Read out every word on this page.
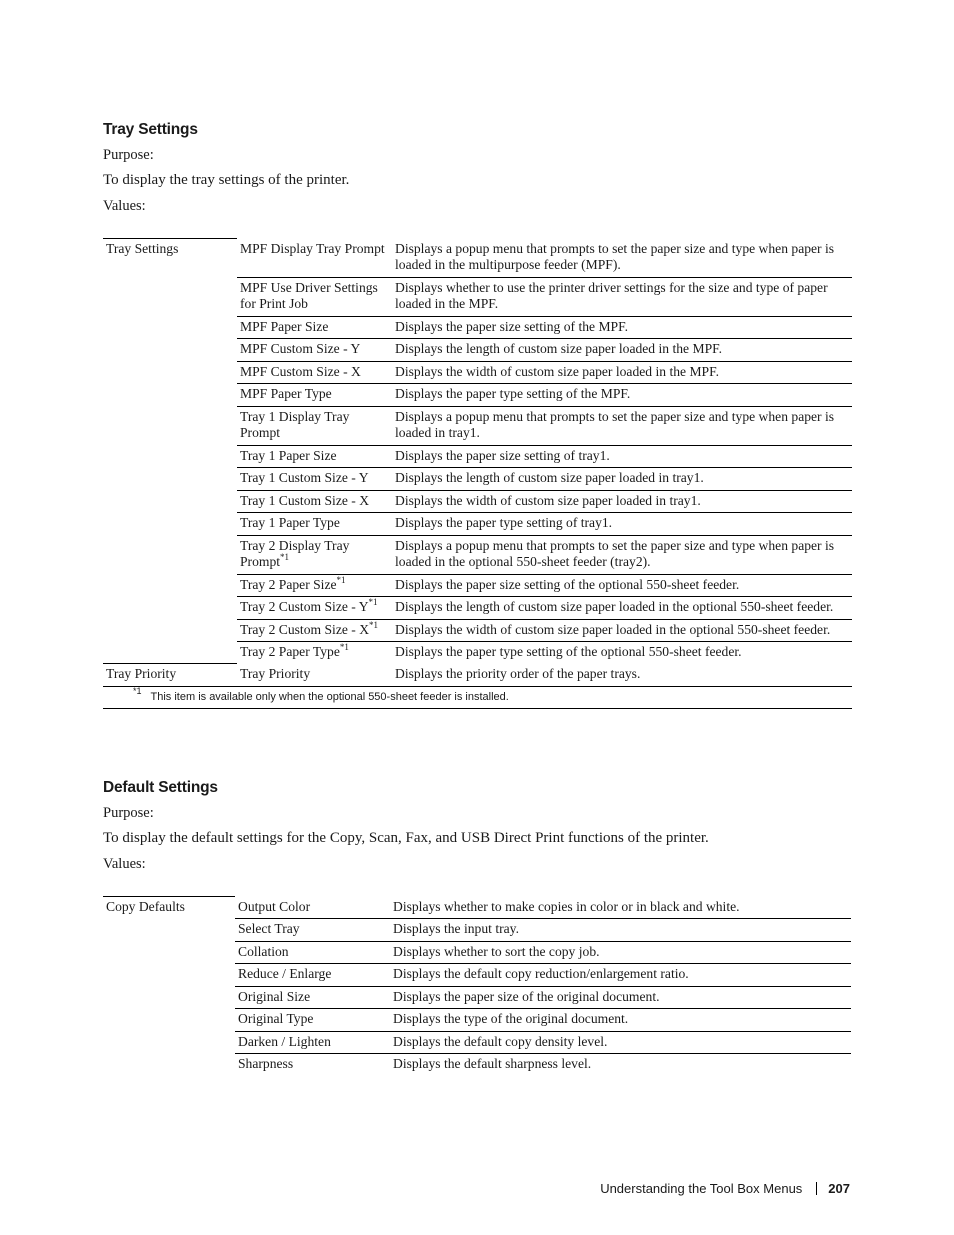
Tray Settings
Purpose:
To display the tray settings of the printer.
Values:
Tray Settings	MPF Display Tray Prompt	Displays a popup menu that prompts to set the paper size and type when paper is loaded in the multipurpose feeder (MPF).
	MPF Use Driver Settings for Print Job	Displays whether to use the printer driver settings for the size and type of paper loaded in the MPF.
	MPF Paper Size	Displays the paper size setting of the MPF.
	MPF Custom Size - Y	Displays the length of custom size paper loaded in the MPF.
	MPF Custom Size - X	Displays the width of custom size paper loaded in the MPF.
	MPF Paper Type	Displays the paper type setting of the MPF.
	Tray 1 Display Tray Prompt	Displays a popup menu that prompts to set the paper size and type when paper is loaded in tray1.
	Tray 1 Paper Size	Displays the paper size setting of tray1.
	Tray 1 Custom Size - Y	Displays the length of custom size paper loaded in tray1.
	Tray 1 Custom Size - X	Displays the width of custom size paper loaded in tray1.
	Tray 1 Paper Type	Displays the paper type setting of tray1.
	Tray 2 Display Tray Prompt$^{*1}$	Displays a popup menu that prompts to set the paper size and type when paper is loaded in the optional 550-sheet feeder (tray2).
	Tray 2 Paper Size$^{*1}$	Displays the paper size setting of the optional 550-sheet feeder.
	Tray 2 Custom Size - $Y^{*1}$	Displays the length of custom size paper loaded in the optional 550-sheet feeder.
	Tray 2 Custom Size - $X^{*1}$	Displays the width of custom size paper loaded in the optional 550-sheet feeder.
	Tray 2 Paper Type$^{*1}$	Displays the paper type setting of the optional 550-sheet feeder.
Tray Priority	Tray Priority	Displays the priority order of the paper trays.
$^{*1}$ This item is available only when the optional 550-sheet feeder is installed.		
Default Settings
Purpose:
To display the default settings for the Copy, Scan, Fax, and USB Direct Print functions of the printer.
Values:
Copy Defaults	Output Color	Displays whether to make copies in color or in black and white.
	Select Tray	Displays the input tray.
	Collation	Displays whether to sort the copy job.
	Reduce / Enlarge	Displays the default copy reduction/enlargement ratio.
	Original Size	Displays the paper size of the original document.
	Original Type	Displays the type of the original document.
	Darken / Lighten	Displays the default copy density level.
	Sharpness	Displays the default sharpness level.
Understanding the Tool Box Menus 207
